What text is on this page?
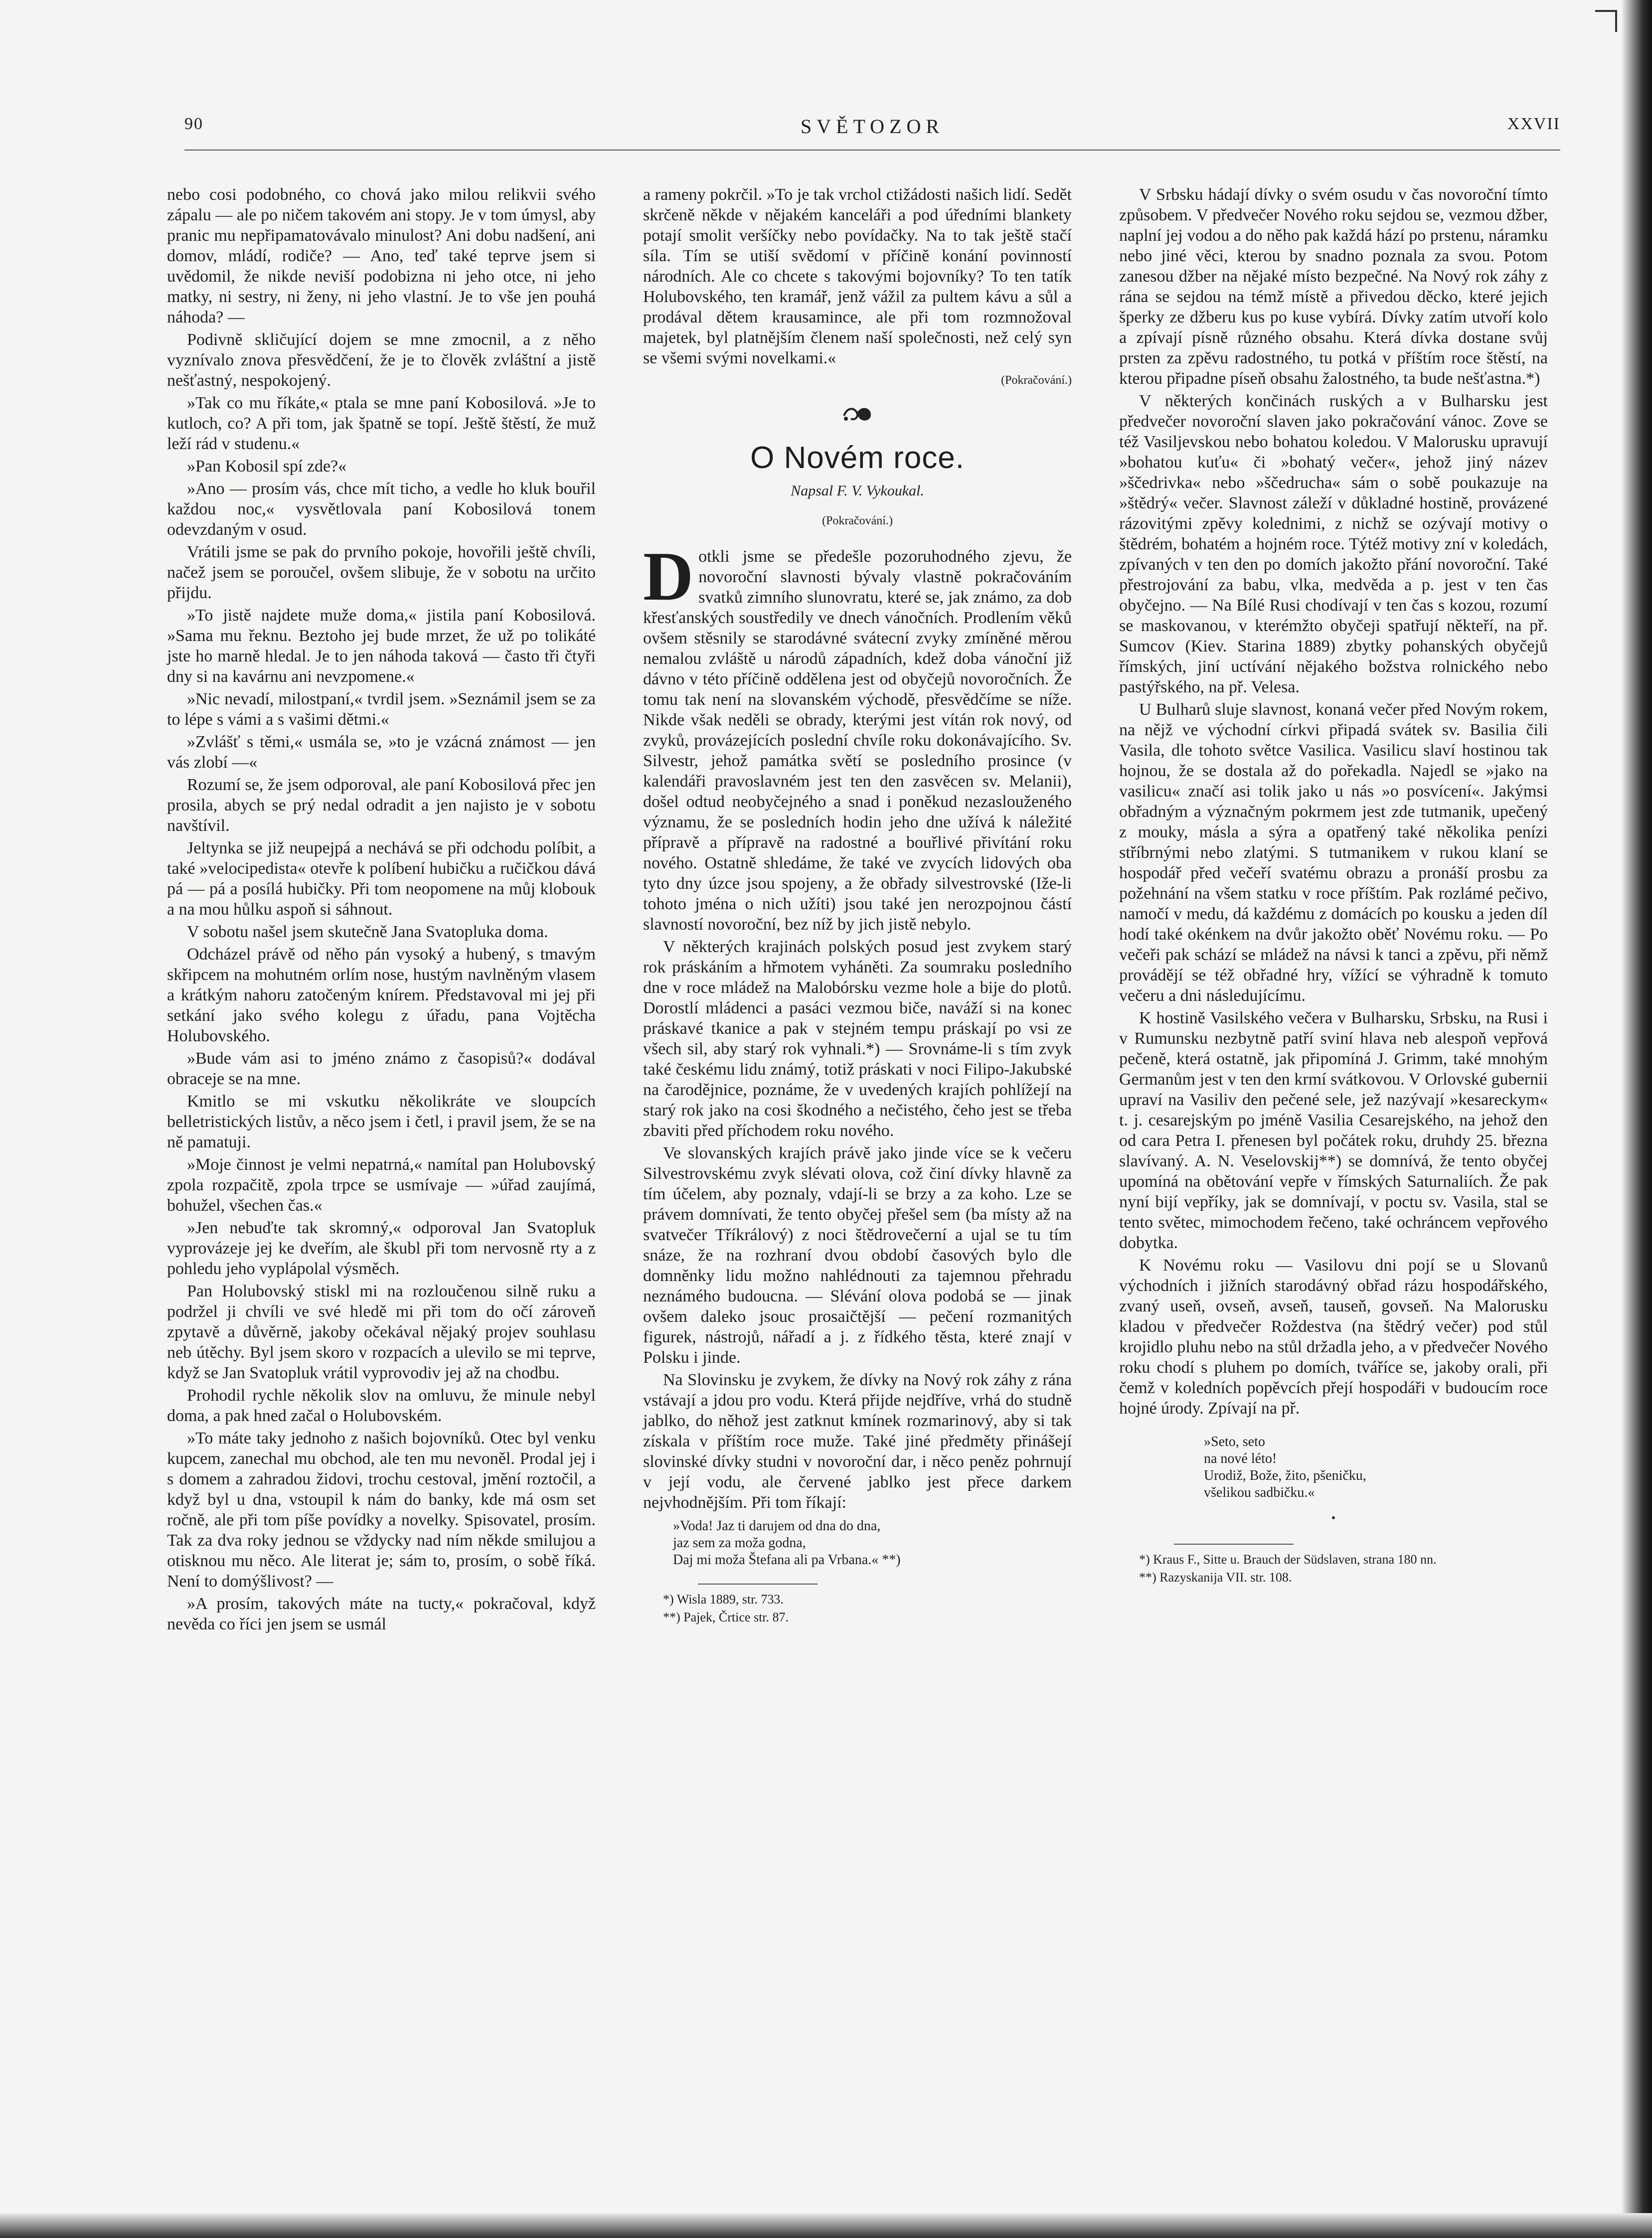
90	SVĚTOZOR	XXVII

nebo cosi podobného, co chová jako milou relikvii svého zápalu — ale po ničem takovém ani stopy. Je v tom úmysl, aby pranic mu nepřipamatovávalo minulost? Ani dobu nadšení, ani domov, mládí, rodiče? — Ano, teď také teprve jsem si uvědomil, že nikde neviší podobizna ni jeho otce, ni jeho matky, ni sestry, ni ženy, ni jeho vlastní. Je to vše jen pouhá náhoda? —

Podivně skličující dojem se mne zmocnil, a z něho vyznívalo znova přesvědčení, že je to člověk zvláštní a jistě nešťastný, nespokojený.

»Tak co mu říkáte,« ptala se mne paní Kobosilová. »Je to kutloch, co? A při tom, jak špatně se topí. Ještě štěstí, že muž leží rád v studenu.«

»Pan Kobosil spí zde?«

»Ano — prosím vás, chce mít ticho, a vedle ho kluk bouřil každou noc,« vysvětlovala paní Kobosilová tonem odevzdaným v osud.

Vrátili jsme se pak do prvního pokoje, hovořili ještě chvíli, načež jsem se poroučel, ovšem slibuje, že v sobotu na určito přijdu.

»To jistě najdete muže doma,« jistila paní Kobosilová. »Sama mu řeknu. Beztoho jej bude mrzet, že už po tolikáté jste ho marně hledal. Je to jen náhoda taková — často tři čtyři dny si na kavárnu ani nevzpomene.«

»Nic nevadí, milostpaní,« tvrdil jsem. »Seznámil jsem se za to lépe s vámi a s vašimi dětmi.«

»Zvlášť s těmi,« usmála se, »to je vzácná známost — jen vás zlobí —«

Rozumí se, že jsem odporoval, ale paní Kobosilová přec jen prosila, abych se prý nedal odradit a jen najisto je v sobotu navštívil.

Jeltynka se již neupejpá a nechává se při odchodu políbit, a také »velocipedista« otevře k políbení hubičku a ručičkou dává pá — pá a posílá hubičky. Při tom neopomene na můj klobouk a na mou hůlku aspoň si sáhnout.

V sobotu našel jsem skutečně Jana Svatopluka doma.

Odcházel právě od něho pán vysoký a hubený, s tmavým skřipcem na mohutném orlím nose, hustým navlněným vlasem a krátkým nahoru zatočeným knírem. Představoval mi jej při setkání jako svého kolegu z úřadu, pana Vojtěcha Holubovského.

»Bude vám asi to jméno známo z časopisů?« dodával obraceje se na mne.

Kmitlo se mi vskutku několikráte ve sloupcích belletristických listův, a něco jsem i četl, i pravil jsem, že se na ně pamatuji.

»Moje činnost je velmi nepatrná,« namítal pan Holubovský zpola rozpačitě, zpola trpce se usmívaje — »úřad zaujímá, bohužel, všechen čas.«

»Jen nebuďte tak skromný,« odporoval Jan Svatopluk vyprovázeje jej ke dveřím, ale škubl při tom nervosně rty a z pohledu jeho vyplápolal výsměch.

Pan Holubovský stiskl mi na rozloučenou silně ruku a podržel ji chvíli ve své hledě mi při tom do očí zároveň zpytavě a důvěrně, jakoby očekával nějaký projev souhlasu neb útěchy. Byl jsem skoro v rozpacích a ulevilo se mi teprve, když se Jan Svatopluk vrátil vyprovodiv jej až na chodbu.

Prohodil rychle několik slov na omluvu, že minule nebyl doma, a pak hned začal o Holubovském.

»To máte taky jednoho z našich bojovníků. Otec byl venku kupcem, zanechal mu obchod, ale ten mu nevoněl. Prodal jej i s domem a zahradou židovi, trochu cestoval, jmění roztočil, a když byl u dna, vstoupil k nám do banky, kde má osm set ročně, ale při tom píše povídky a novelky. Spisovatel, prosím. Tak za dva roky jednou se vždycky nad ním někde smilujou a otisknou mu něco. Ale literat je; sám to, prosím, o sobě říká. Není to domýšlivost? —

»A prosím, takových máte na tucty,« pokračoval, když nevěda co říci jen jsem se usmál

a rameny pokrčil. »To je tak vrchol ctižádosti našich lidí. Sedět skrčeně někde v nějakém kanceláři a pod úředními blankety potají smolit veršíčky nebo povídačky. Na to tak ještě stačí síla. Tím se utiší svědomí v příčině konání povinností národních. Ale co chcete s takovými bojovníky? To ten tatík Holubovského, ten kramář, jenž vážil za pultem kávu a sůl a prodával dětem krausamince, ale při tom rozmnožoval majetek, byl platnějším členem naší společnosti, než celý syn se všemi svými novelkami.«

(Pokračování.)
O Novém roce.
Napsal F. V. Vykoukal.
(Pokračování.)

Dotkli jsme se předešle pozoruhodného zjevu, že novoroční slavnosti bývaly vlastně pokračováním svatků zimního slunovratu, které se, jak známo, za dob křesťanských soustředily ve dnech vánočních. Prodlením věků ovšem stěsnily se starodávné svátecní zvyky zmíněné měrou nemalou zvláště u národů západních, kdež doba vánoční již dávno v této příčině oddělena jest od obyčejů novoročních. Že tomu tak není na slovanském východě, přesvědčíme se níže. Nikde však neděli se obrady, kterými jest vítán rok nový, od zvyků, provázejících poslední chvíle roku dokonávajícího. Sv. Silvestr, jehož památka světí se posledního prosince (v kalendáři pravoslavném jest ten den zasvěcen sv. Melanii), došel odtud neobyčejného a snad i poněkud nezaslouženého významu, že se posledních hodin jeho dne užívá k náležité přípravě a přípravě na radostné a bouřlivé přivítání roku nového. Ostatně shledáme, že také ve zvycích lidových oba tyto dny úzce jsou spojeny, a že obřady silvestrovské (Iže-li tohoto jména o nich užíti) jsou také jen nerozpojnou částí slavností novoroční, bez níž by jich jistě nebylo.

V některých krajinách polských posud jest zvykem starý rok práskáním a hřmotem vyháněti. Za soumraku posledního dne v roce mládež na Malobórsku vezme hole a bije do plotů. Dorostlí mládenci a pasáci vezmou biče, naváží si na konec práskavé tkanice a pak v stejném tempu práskají po vsi ze všech sil, aby starý rok vyhnali.*) — Srovnáme-li s tím zvyk také českému lidu známý, totiž práskati v noci Filipo-Jakubské na čarodějnice, poznáme, že v uvedených krajích pohlížejí na starý rok jako na cosi škodného a nečistého, čeho jest se třeba zbaviti před příchodem roku nového.

Ve slovanských krajích právě jako jinde více se k večeru Silvestrovskému zvyk slévati olova, což činí dívky hlavně za tím účelem, aby poznaly, vdají-li se brzy a za koho. Lze se právem domnívati, že tento obyčej přešel sem (ba místy až na svatvečer Tříkrálový) z noci štědrovečerní a ujal se tu tím snáze, že na rozhraní dvou období časových bylo dle domněnky lidu možno nahlédnouti za tajemnou přehradu neznámého budoucna. — Slévání olova podobá se — jinak ovšem daleko jsouc prosaičtější — pečení rozmanitých figurek, nástrojů, nářadí a j. z řídkého těsta, které znají v Polsku i jinde.

Na Slovinsku je zvykem, že dívky na Nový rok záhy z rána vstávají a jdou pro vodu. Která přijde nejdříve, vrhá do studně jablko, do něhož jest zatknut kmínek rozmarinový, aby si tak získala v příštím roce muže. Také jiné předměty přinášejí slovinské dívky studni v novoroční dar, i něco peněz pohrnují v její vodu, ale červené jablko jest přece darkem nejvhodnějším. Při tom říkají:

»Voda! Jaz ti darujem od dna do dna,
jaz sem za moža godna,
Daj mi moža Štefana ali pa Vrbana.« **)
*) Wisla 1889, str. 733.
**) Pajek, Črtice str. 87.

V Srbsku hádají dívky o svém osudu v čas novoroční tímto způsobem. V předvečer Nového roku sejdou se, vezmou džber, naplní jej vodou a do něho pak každá hází po prstenu, náramku nebo jiné věci, kterou by snadno poznala za svou. Potom zanesou džber na nějaké místo bezpečné. Na Nový rok záhy z rána se sejdou na témž místě a přivedou děcko, které jejich šperky ze džberu kus po kuse vybírá. Dívky zatím utvoří kolo a zpívají písně různého obsahu. Která dívka dostane svůj prsten za zpěvu radostného, tu potká v příštím roce štěstí, na kterou připadne píseň obsahu žalostného, ta bude nešťastna.*)

V některých končinách ruských a v Bulharsku jest předvečer novoroční slaven jako pokračování vánoc. Zove se též Vasiljevskou nebo bohatou koledou. V Malorusku upravují »bohatou kuťu« či »bohatý večer«, jehož jiný název »ščedrivka« nebo »ščedrucha« sám o sobě poukazuje na »štědrý« večer. Slavnost záleží v důkladné hostině, provázené rázovitými zpěvy kolednimi, z nichž se ozývají motivy o štědrém, bohatém a hojném roce. Týtéž motivy zní v koledách, zpívaných v ten den po domích jakožto přání novoroční. Také přestrojování za babu, vlka, medvěda a p. jest v ten čas obyčejno. — Na Bílé Rusi chodívají v ten čas s kozou, rozumí se maskovanou, v kterémžto obyčeji spatřují někteří, na př. Sumcov (Kiev. Starina 1889) zbytky pohanských obyčejů římských, jiní uctívání nějakého božstva rolnického nebo pastýřského, na př. Velesa.

U Bulharů sluje slavnost, konaná večer před Novým rokem, na nějž ve východní církvi připadá svátek sv. Basilia čili Vasila, dle tohoto světce Vasilica. Vasilicu slaví hostinou tak hojnou, že se dostala až do pořekadla. Najedl se »jako na vasilicu« značí asi tolik jako u nás »o posvícení«. Jakýmsi obřadným a význačným pokrmem jest zde tutmanik, upečený z mouky, másla a sýra a opatřený také několika penízi stříbrnými nebo zlatými. S tutmanikem v rukou klaní se hospodář před večeří svatému obrazu a pronáší prosbu za požehnání na všem statku v roce příštím. Pak rozlámé pečivo, namočí v medu, dá každému z domácích po kousku a jeden díl hodí také okénkem na dvůr jakožto oběť Novému roku. — Po večeři pak schází se mládež na návsi k tanci a zpěvu, při němž provádějí se též obřadné hry, vížící se výhradně k tomuto večeru a dni následujícímu.

K hostině Vasilského večera v Bulharsku, Srbsku, na Rusi i v Rumunsku nezbytně patří sviní hlava neb alespoň vepřová pečeně, která ostatně, jak připomíná J. Grimm, také mnohým Germanům jest v ten den krmí svátkovou. V Orlovské gubernii upraví na Vasiliv den pečené sele, jež nazývají »kesareckym« t. j. cesarejským po jméně Vasilia Cesarejského, na jehož den od cara Petra I. přenesen byl počátek roku, druhdy 25. března slavívaný. A. N. Veselovskij**) se domnívá, že tento obyčej upomíná na obětování vepře v římských Saturnaliích. Že pak nyní bijí vepříky, jak se domnívají, v poctu sv. Vasila, stal se tento světec, mimochodem řečeno, také ochráncem vepřového dobytka.

K Novému roku — Vasilovu dni pojí se u Slovanů východních i jižních starodávný obřad rázu hospodářského, zvaný useň, ovseň, avseň, tauseň, govseň. Na Malorusku kladou v předvečer Roždestva (na štědrý večer) pod stůl krojidlo pluhu nebo na stůl držadla jeho, a v předvečer Nového roku chodí s pluhem po domích, tváříce se, jakoby orali, při čemž v koledních popěvcích přejí hospodáři v budoucím roce hojné úrody. Zpívají na př.

»Seto, seto
na nové léto!
Urodiž, Bože, žito, pšeničku,
všelikou sadbičku.«
•
*) Kraus F., Sitte u. Brauch der Südslaven, strana 180 nn.
**) Razyskanija VII. str. 108.
